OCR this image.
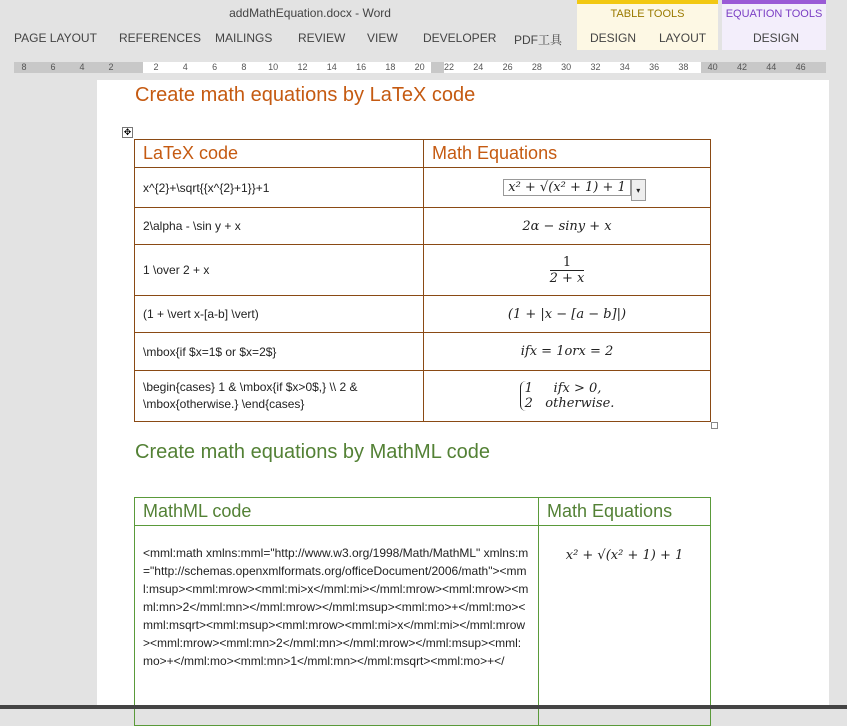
addMathEquation.docx - Word
PAGE LAYOUT REFERENCES MAILINGS REVIEW VIEW DEVELOPER PDF工具
TABLE TOOLS
DESIGN LAYOUT
EQUATION TOOLS
DESIGN
8	6	4	2	2	4	6	8 10 12 14 16 18 20 22 24 26 28 30 32 34 36 38 40 42 44 46
Create math equations by LaTeX code
✥
LaTeX code	Math Equations
x^{2}+\sqrt{{x^{2}+1}}+1	x² + √(x² + 1) + 1 ▾

2\alpha - \sin y + x	2α − siny + x
1 \over 2 + x	$\frac{1}{2 + x}$

(1 + \vert x-[a-b] \vert)	(1 + |x − [a − b]|)
\mbox{if $x=1$ or $x=2$}	ifx = 1orx = 2
\begin{cases} 1 & \mbox{if $x>0$,} \\ 2 & \mbox{otherwise.} \end{cases}	1     ifx > 0,
2   otherwise.
Create math equations by MathML code
MathML code	Math Equations
<mml:math xmlns:mml="http://www.w3.org/1998/Math/MathML" xmlns:m="http://schemas.openxmlformats.org/officeDocument/2006/math"><mml:msup><mml:mrow><mml:mi>x</mml:mi></mml:mrow><mml:mrow><mml:mn>2</mml:mn></mml:mrow></mml:msup><mml:mo>+</mml:mo><mml:msqrt><mml:msup><mml:mrow><mml:mi>x</mml:mi></mml:mrow><mml:mrow><mml:mn>2</mml:mn></mml:mrow></mml:msup><mml:mo>+</mml:mo><mml:mn>1</mml:mn></mml:msqrt><mml:mo>+</	x² + √(x² + 1) + 1
